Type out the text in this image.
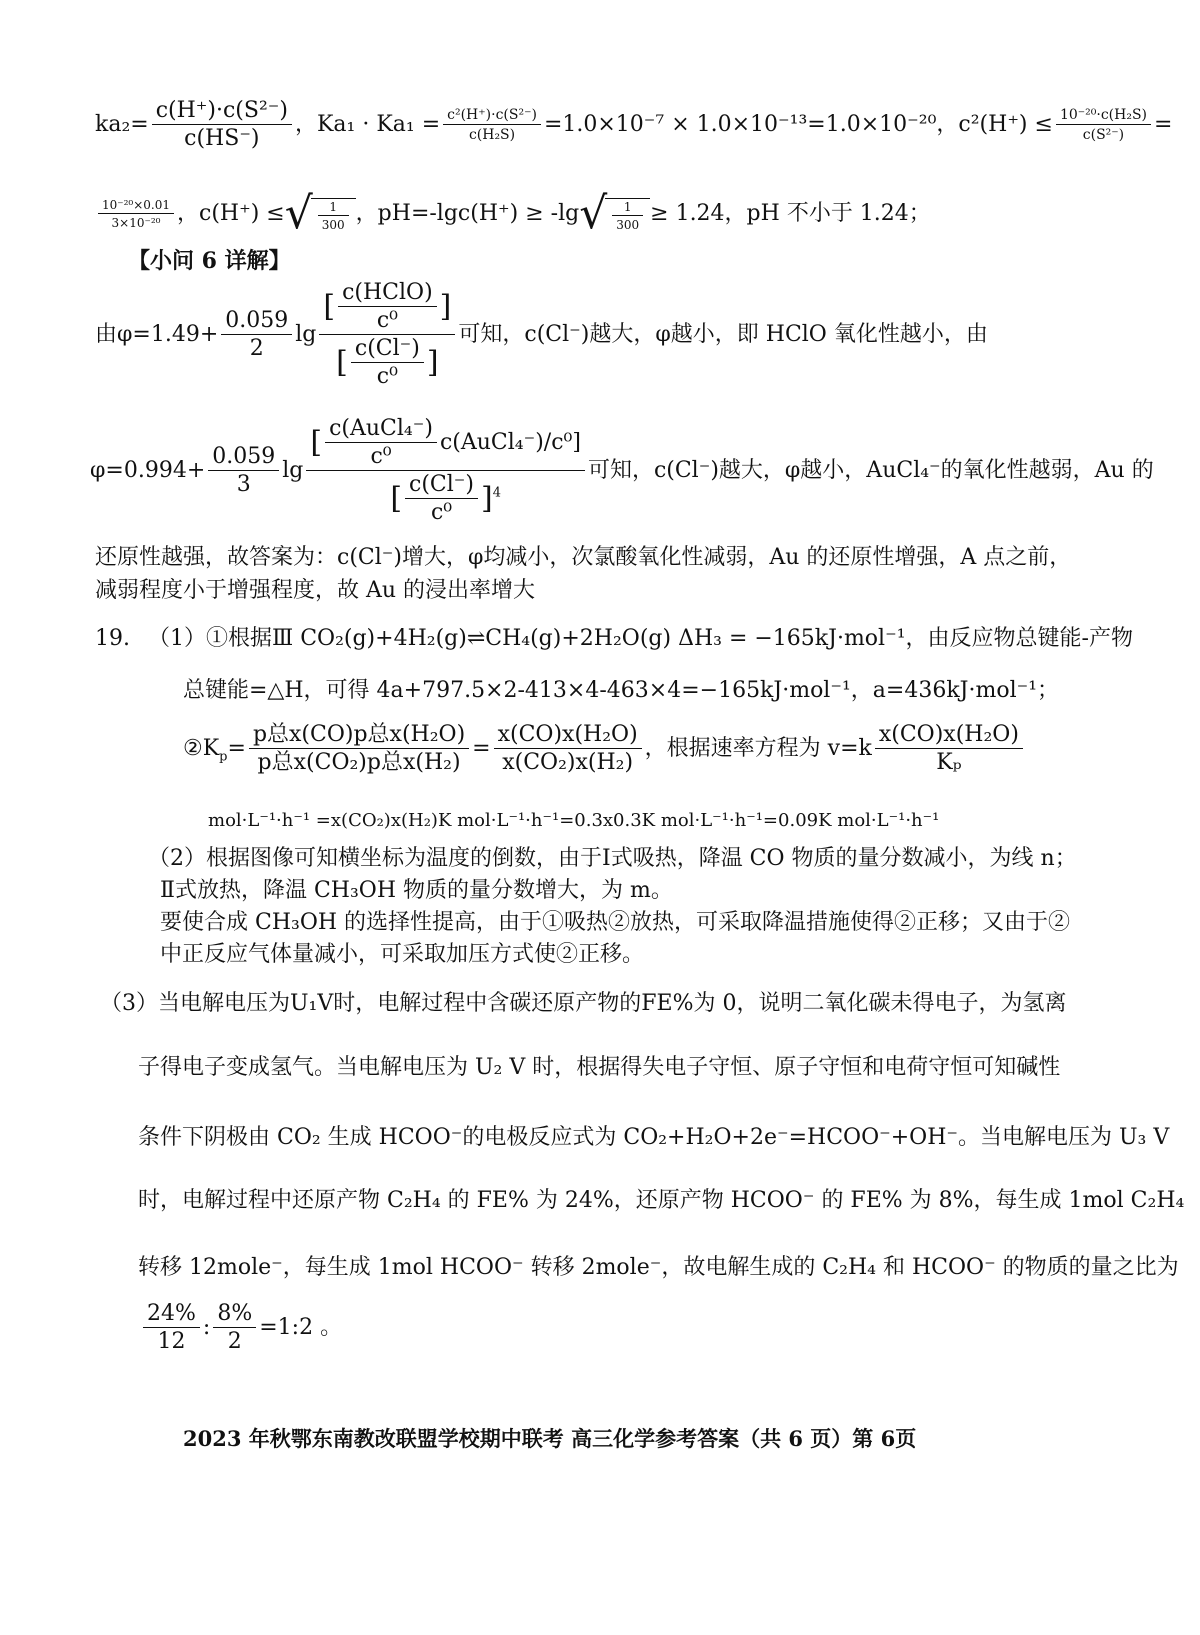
$ka_2= \frac{\text{c(H⁺)·c(S²⁻)}}{c(HS^-)}$ ，$Ka_1 \cdot Ka_1 = \frac{\text{c²(H⁺)·c(S²⁻)}}{\text{c(H₂S)}} =1.0\times 10^{-7} \times 1.0\times 10^{-13}=1.0\times 10^{-20}$，$c^2(H^+) \le \frac{\text{10⁻²⁰·c(H₂S)}}{\text{c(S²⁻)}}$ =
$\frac{\text{10⁻²⁰×0.01}}{\text{3×10⁻²⁰}}$ ，c(H⁺) ≤ √ $\frac{1}{300}$ ，pH=-lgc(H⁺) ≥ -lg √ $\frac{1}{300} \ge 1.24$，pH 不小于 1.24；
【小问 6 详解】
由$\varphi=1.49+ \frac{0.059}{2}$ lg
[ c(HClO)
c⁰	]
[ $\frac{c(Cl^-)}{\text{c⁰}}$ ]
可知，c(Cl⁻)越大，φ越小，即 HClO 氧化性越小，由
$\varphi=0.994+ \frac{0.059}{3}$ lg
[ c(AuCl₄⁻)
c⁰
c(AuCl₄⁻)/c⁰]
[ $\frac{c(Cl^-)}{\text{c⁰}} ]^4$
可知，c(Cl⁻)越大，φ越小，AuCl₄⁻的氧化性越弱，Au 的
还原性越强，故答案为：c(Cl⁻)增大，φ均减小，次氯酸氧化性减弱，Au 的还原性增强，A 点之前，
减弱程度小于增强程度，故 Au 的浸出率增大
19. （1）①根据Ⅲ CO₂(g)+4H₂(g)⇌CH₄(g)+2H₂O(g) ΔH₃ = −165kJ·mol⁻¹，由反应物总键能-产物
总键能=△H，可得 4a+797.5×2-413×4-463×4=−165kJ·mol⁻¹，a=436kJ·mol⁻¹；
$②K_p=$
p总x(CO)p总x(H₂O)
p总x(CO₂)p总x(H₂)
= $\frac{\text{x(CO)x(H₂O)}}{\text{x(CO₂)x(H₂)}}$ ，根据速率方程为 $v=k \frac{\text{x(CO)x(H₂O)}}{\text{Kₚ}}$
mol·L⁻¹·h⁻¹ =x(CO₂)x(H₂)K mol·L⁻¹·h⁻¹=0.3x0.3K mol·L⁻¹·h⁻¹=0.09K mol·L⁻¹·h⁻¹
（2）根据图像可知横坐标为温度的倒数，由于Ⅰ式吸热，降温 CO 物质的量分数减小，为线 n；
Ⅱ式放热，降温 CH₃OH 物质的量分数增大，为 m。
要使合成 CH₃OH 的选择性提高，由于①吸热②放热，可采取降温措施使得②正移；又由于②
中正反应气体量减小，可采取加压方式使②正移。
（3）当电解电压为U₁V时，电解过程中含碳还原产物的FE%为 0，说明二氧化碳未得电子，为氢离
子得电子变成氢气。当电解电压为 U₂ V 时，根据得失电子守恒、原子守恒和电荷守恒可知碱性
条件下阴极由 CO₂ 生成 HCOO⁻的电极反应式为 CO₂+H₂O+2e⁻=HCOO⁻+OH⁻。当电解电压为 U₃ V
时，电解过程中还原产物 C₂H₄ 的 FE% 为 24%，还原产物 HCOO⁻ 的 FE% 为 8%，每生成 1mol C₂H₄
转移 12mole⁻，每生成 1mol HCOO⁻ 转移 2mole⁻，故电解生成的 C₂H₄ 和 HCOO⁻ 的物质的量之比为
$\frac{24\%}{12}$ : $\frac{8\%}{2}$ =1:2 。
2023 年秋鄂东南教改联盟学校期中联考 高三化学参考答案（共 6 页）第 6页
